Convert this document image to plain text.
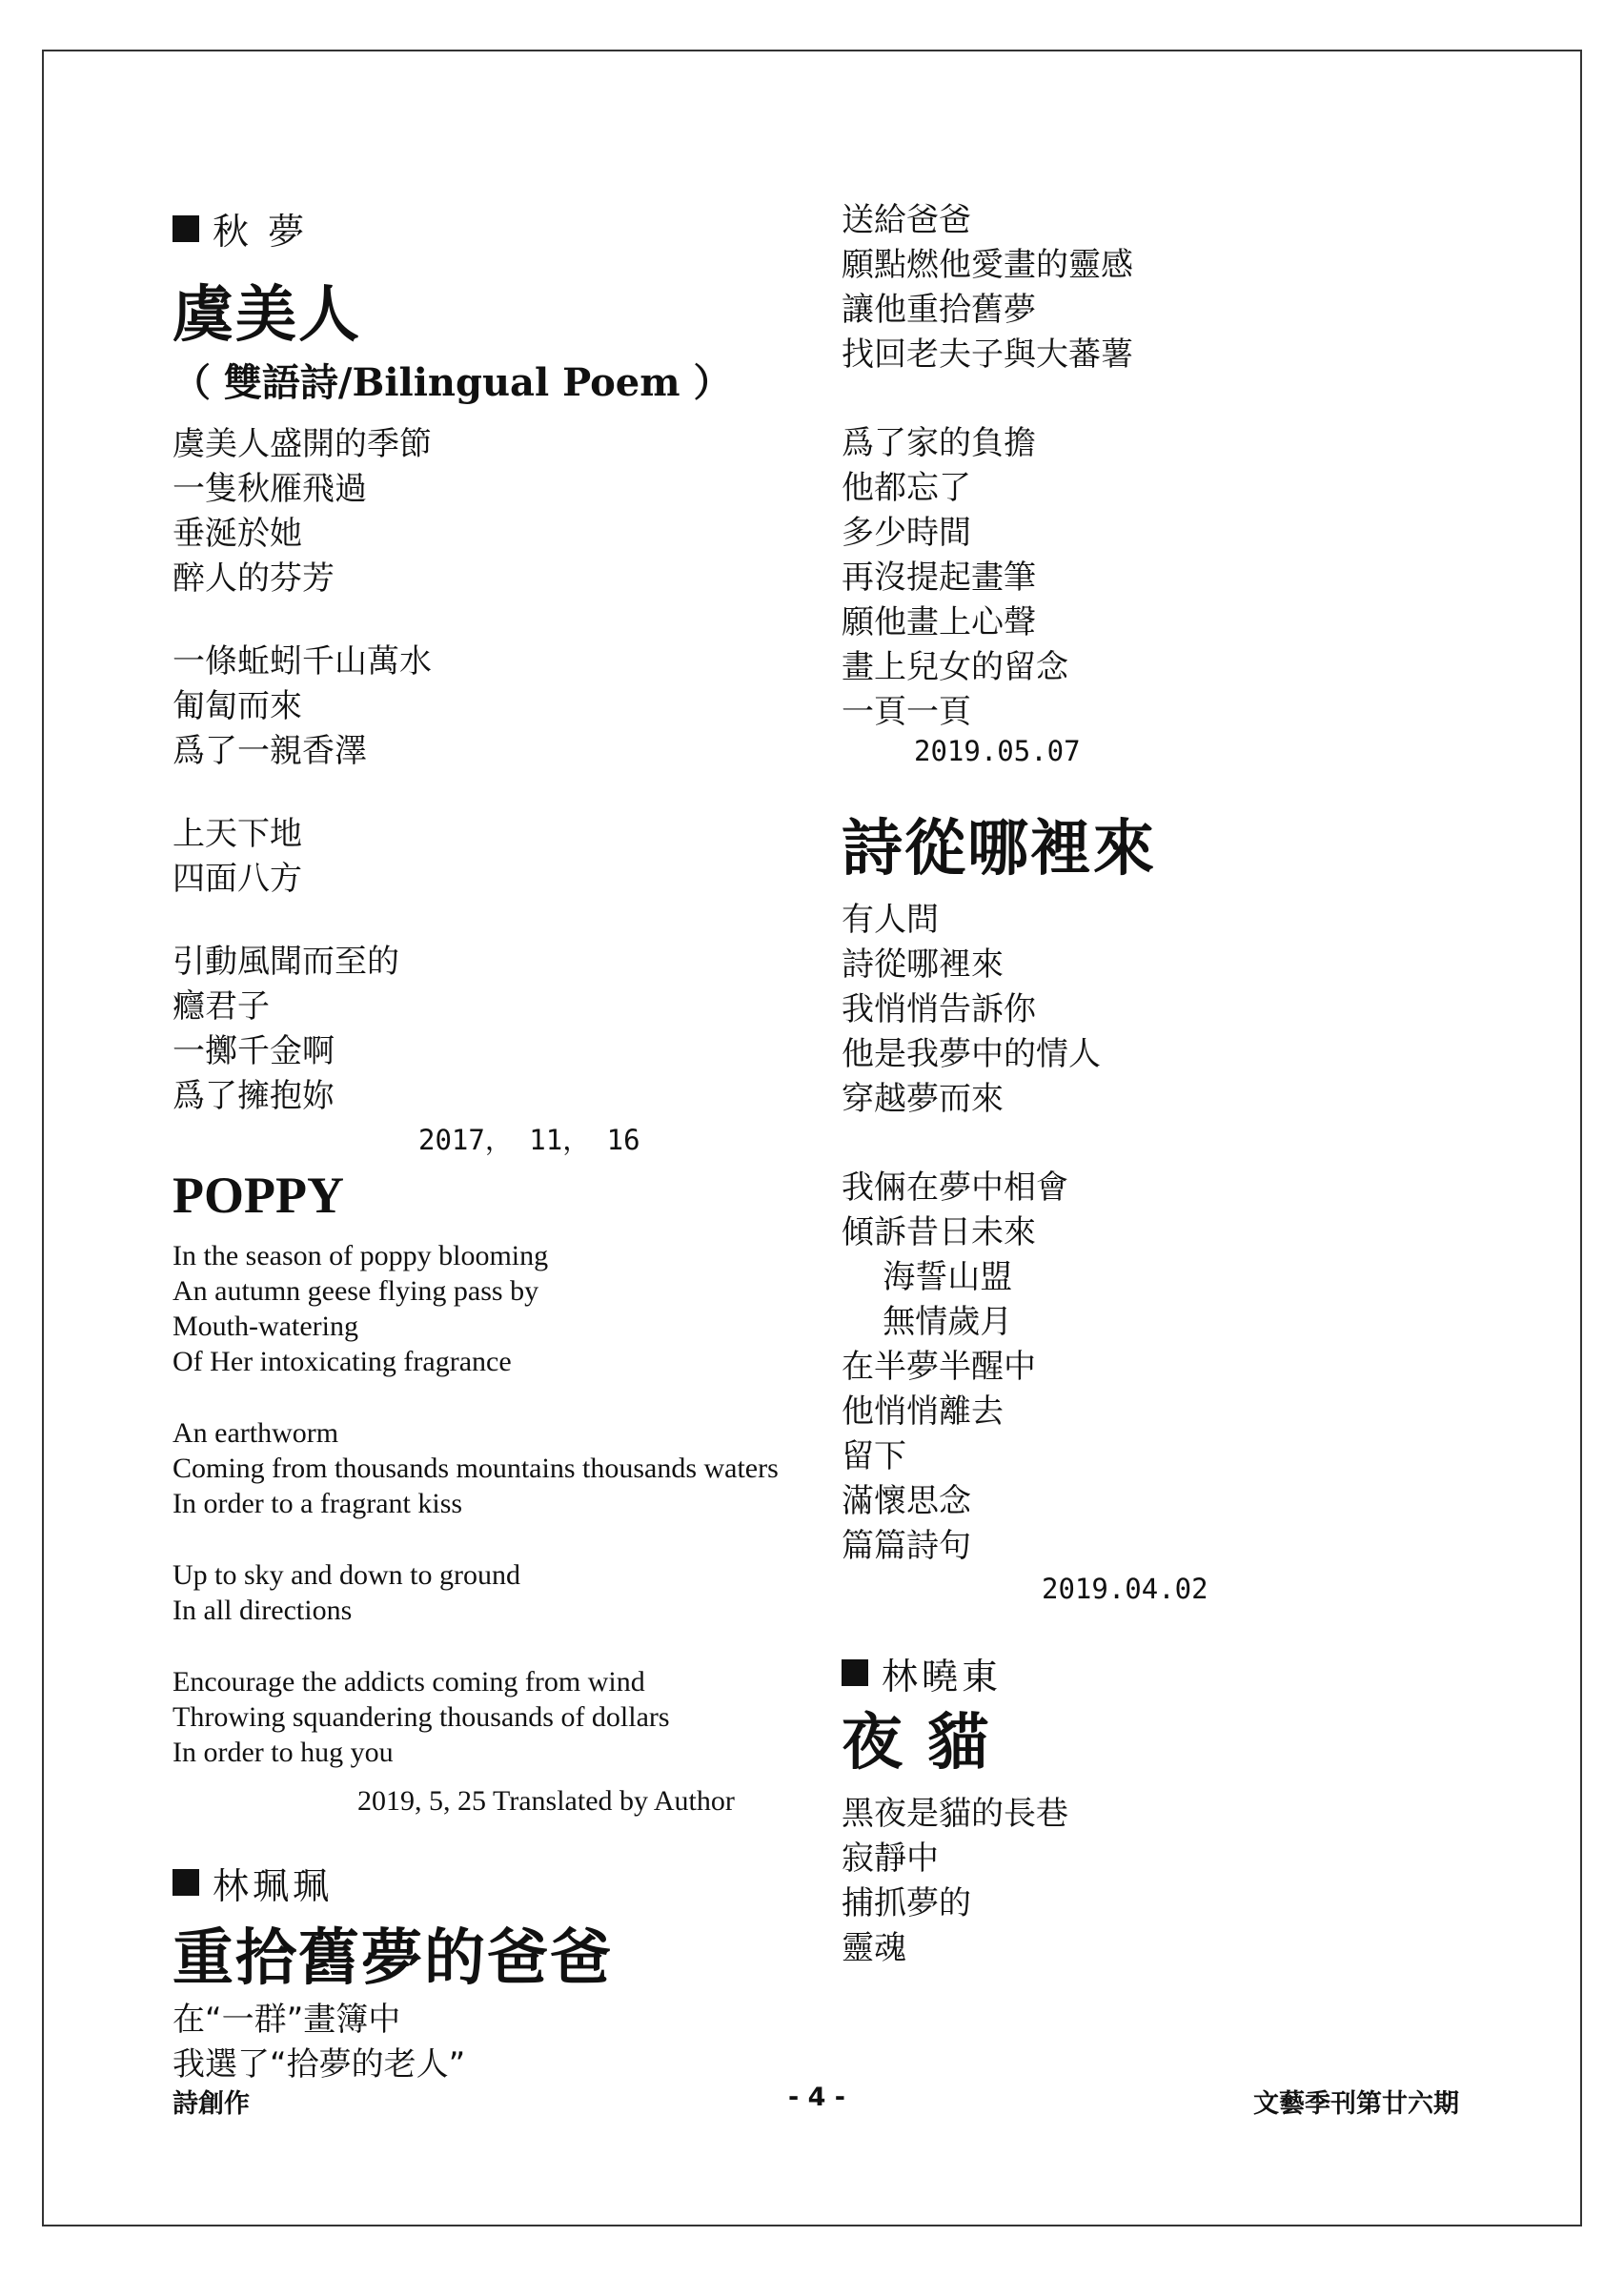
秋 夢
虞美人
（ 雙語詩/Bilingual Poem ）
虞美人盛開的季節
一隻秋雁飛過
垂涎於她
醉人的芬芳
一條蚯蚓千山萬水
匍匐而來
爲了一親香澤
上天下地
四面八方
引動風聞而至的
癮君子
一擲千金啊
爲了擁抱妳
2017， 11， 16
POPPY
In the season of poppy blooming
An autumn geese flying pass by
Mouth-watering
Of Her intoxicating fragrance
An earthworm
Coming from thousands mountains thousands waters
In order to a fragrant kiss
Up to sky and down to ground
In all directions
Encourage the addicts coming from wind
Throwing squandering thousands of dollars
In order to hug you
2019, 5, 25 Translated by Author
林珮珮
重拾舊夢的爸爸
在“一群”畫簿中
我選了“拾夢的老人”
送給爸爸
願點燃他愛畫的靈感
讓他重拾舊夢
找回老夫子與大蕃薯
爲了家的負擔
他都忘了
多少時間
再沒提起畫筆
願他畫上心聲
畫上兒女的留念
一頁一頁
2019.05.07
詩從哪裡來
有人問
詩從哪裡來
我悄悄告訴你
他是我夢中的情人
穿越夢而來
我倆在夢中相會
傾訴昔日未來
海誓山盟
無情歲月
在半夢半醒中
他悄悄離去
留下
滿懷思念
篇篇詩句
2019.04.02
林曉東
夜 貓
黑夜是貓的長巷
寂靜中
捕抓夢的
靈魂
詩創作	- 4 -	文藝季刊第廿六期
